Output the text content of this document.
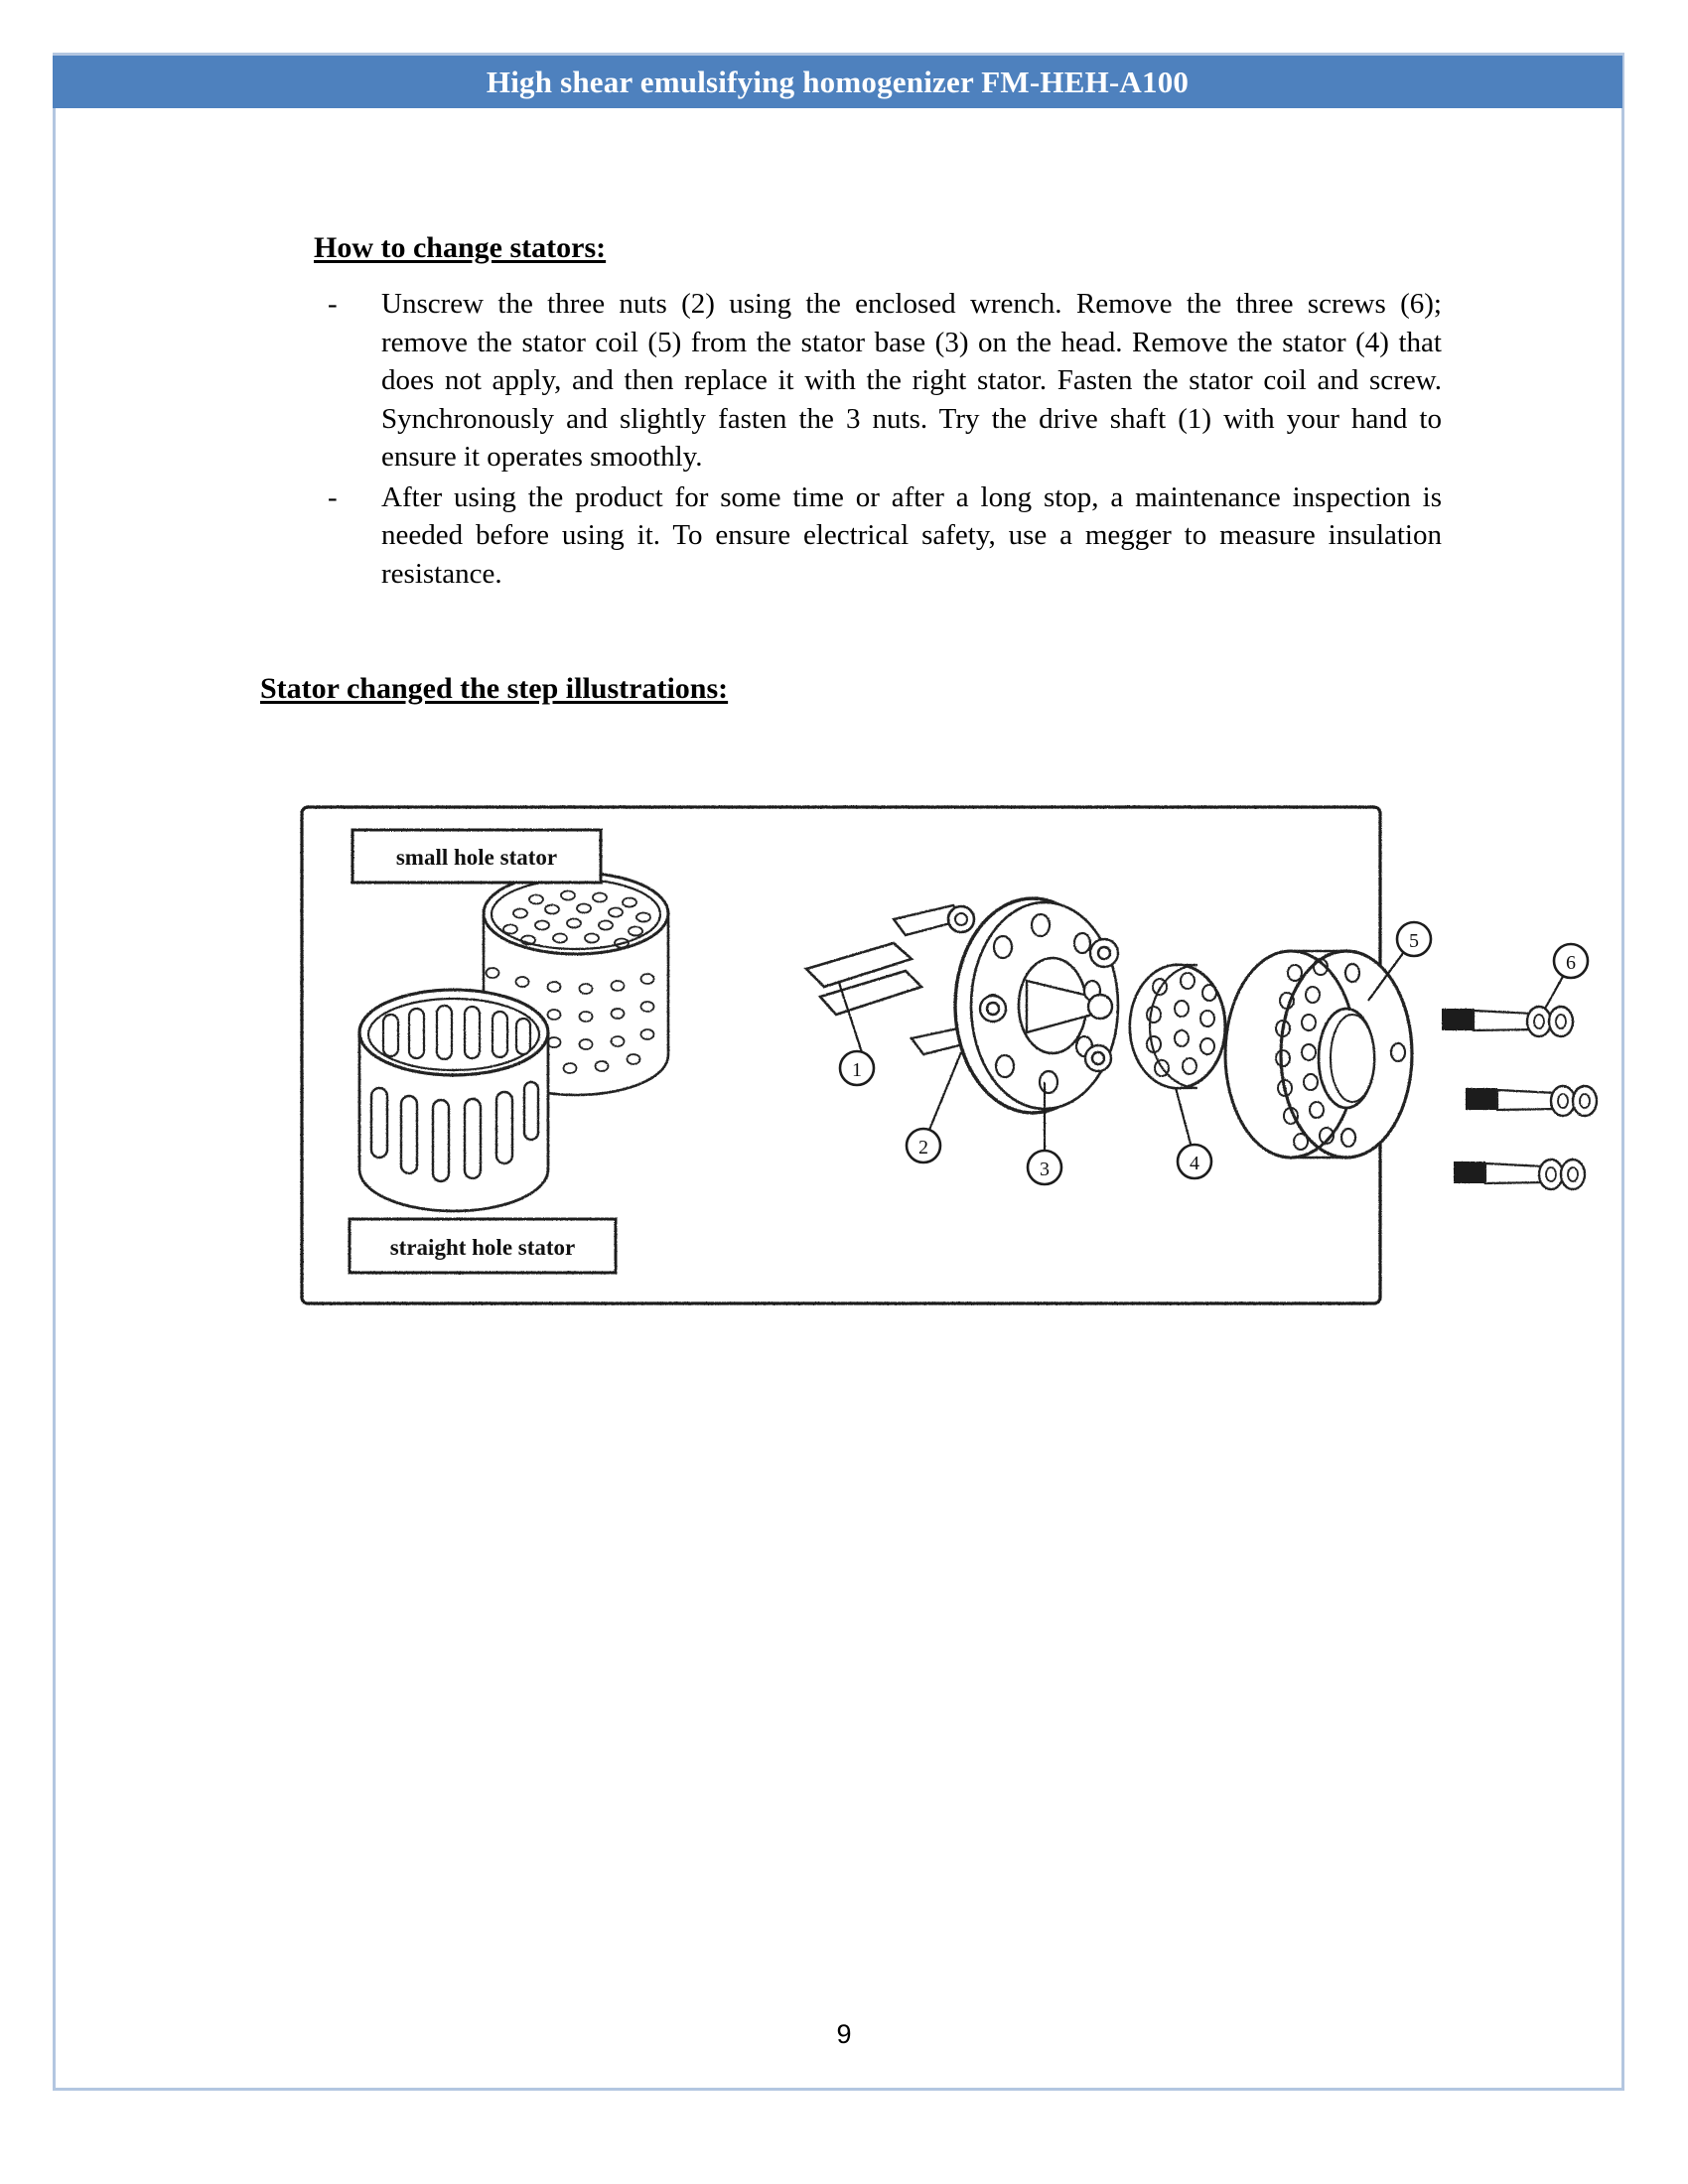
High shear emulsifying homogenizer FM-HEH-A100
How to change stators:
-	Unscrew the three nuts (2) using the enclosed wrench. Remove the three screws (6); remove the stator coil (5) from the stator base (3) on the head. Remove the stator (4) that does not apply, and then replace it with the right stator. Fasten the stator coil and screw. Synchronously and slightly fasten the 3 nuts. Try the drive shaft (1) with your hand to ensure it operates smoothly.
-	After using the product for some time or after a long stop, a maintenance inspection is needed before using it. To ensure electrical safety, use a megger to measure insulation resistance.
Stator changed the step illustrations:
small hole stator
straight hole stator
1
2
3	4
5
6
9
